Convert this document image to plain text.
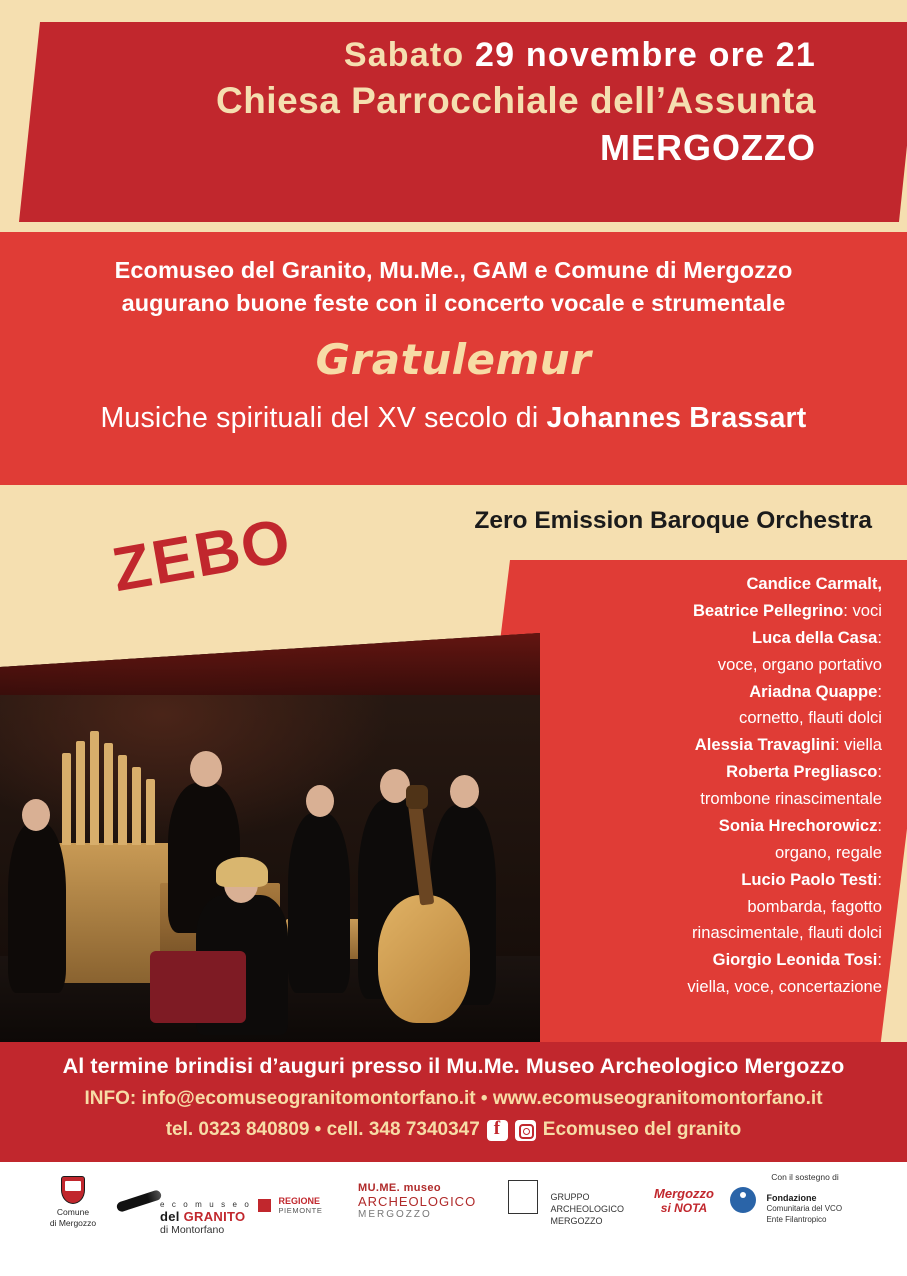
Sabato 29 novembre ore 21
Chiesa Parrocchiale dell’Assunta
MERGOZZO
Ecomuseo del Granito, Mu.Me., GAM e Comune di Mergozzo
augurano buone feste con il concerto vocale e strumentale
Gratulemur
Musiche spirituali del XV secolo di Johannes Brassart
ZEBO	Zero Emission Baroque Orchestra
Candice Carmalt,
Beatrice Pellegrino: voci
Luca della Casa:
voce, organo portativo
Ariadna Quappe:
cornetto, flauti dolci
Alessia Travaglini: viella
Roberta Pregliasco:
trombone rinascimentale
Sonia Hrechorowicz:
organo, regale
Lucio Paolo Testi:
bombarda, fagotto
rinascimentale, flauti dolci
Giorgio Leonida Tosi:
viella, voce, concertazione
Al termine brindisi d’auguri presso il Mu.Me. Museo Archeologico Mergozzo
INFO: info@ecomuseogranitomontorfano.it • www.ecomuseogranitomontorfano.it
tel. 0323 840809 • cell. 348 7340347 f	Ecomuseo del granito
Comune
di Mergozzo
e c o m u s e o
del GRANITO
di Montorfano

REGIONE
PIEMONTE
MU.ME. museo
ARCHEOLOGICO
MERGOZZO

GRUPPO
ARCHEOLOGICO
MERGOZZO
Mergozzo
si NOTA
Con il sostegno di

Fondazione
Comunitaria del VCO
Ente Filantropico
